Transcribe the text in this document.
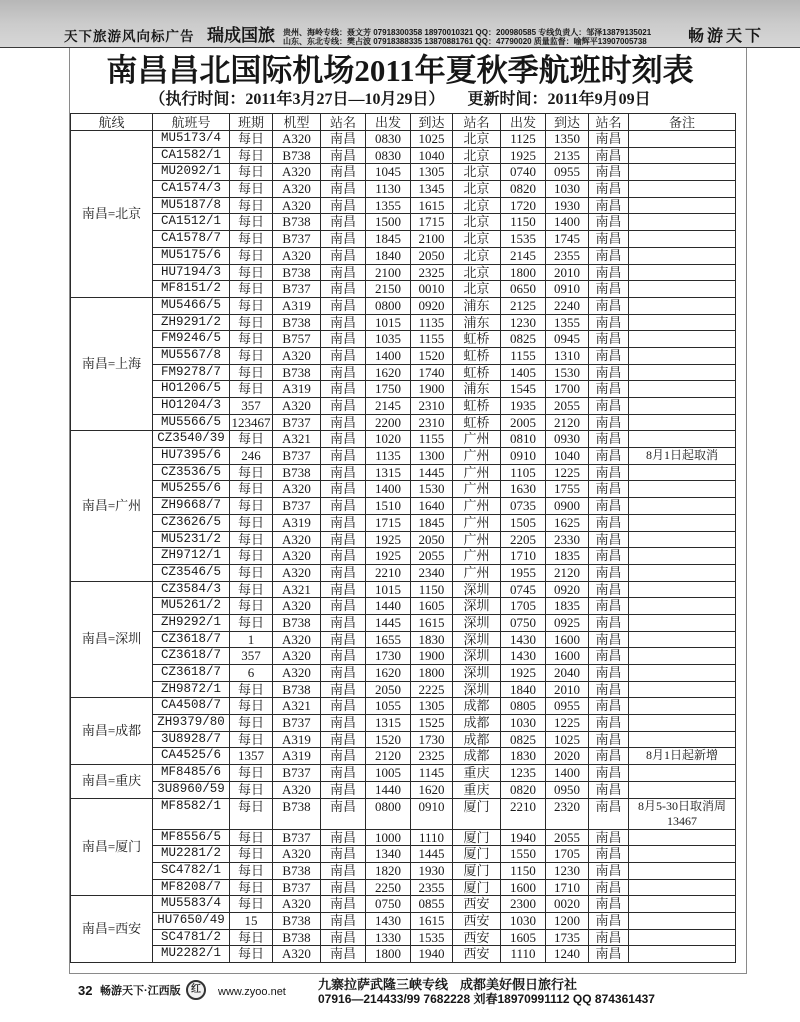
天下旅游风向标广告 瑞成国旅 贵州、海岭专线：聂文芳 07918300358 18970010321 QQ：200980585 专线负责人：邹泽13879135021
山东、东北专线：樊占波 07918388335 13870881761 QQ：47790020 质量监督：喻辉平13907005738	畅游天下
南昌昌北国际机场2011年夏秋季航班时刻表
（执行时间：2011年3月27日—10月29日） 更新时间：2011年9月09日
航线	航班号	班期	机型	站名	出发	到达	站名	出发	到达	站名	备注
南昌=北京	MU5173/4	每日	A320	南昌	0830	1025	北京	1125	1350	南昌	
	CA1582/1	每日	B738	南昌	0830	1040	北京	1925	2135	南昌	
	MU2092/1	每日	A320	南昌	1045	1305	北京	0740	0955	南昌	
	CA1574/3	每日	A320	南昌	1130	1345	北京	0820	1030	南昌	
	MU5187/8	每日	A320	南昌	1355	1615	北京	1720	1930	南昌	
	CA1512/1	每日	B738	南昌	1500	1715	北京	1150	1400	南昌	
	CA1578/7	每日	B737	南昌	1845	2100	北京	1535	1745	南昌	
	MU5175/6	每日	A320	南昌	1840	2050	北京	2145	2355	南昌	
	HU7194/3	每日	B738	南昌	2100	2325	北京	1800	2010	南昌	
	MF8151/2	每日	B737	南昌	2150	0010	北京	0650	0910	南昌	
南昌=上海	MU5466/5	每日	A319	南昌	0800	0920	浦东	2125	2240	南昌	
	ZH9291/2	每日	B738	南昌	1015	1135	浦东	1230	1355	南昌	
	FM9246/5	每日	B757	南昌	1035	1155	虹桥	0825	0945	南昌	
	MU5567/8	每日	A320	南昌	1400	1520	虹桥	1155	1310	南昌	
	FM9278/7	每日	B738	南昌	1620	1740	虹桥	1405	1530	南昌	
	HO1206/5	每日	A319	南昌	1750	1900	浦东	1545	1700	南昌	
	HO1204/3	357	A320	南昌	2145	2310	虹桥	1935	2055	南昌	
	MU5566/5	123467	B737	南昌	2200	2310	虹桥	2005	2120	南昌	
南昌=广州	CZ3540/39	每日	A321	南昌	1020	1155	广州	0810	0930	南昌	
	HU7395/6	246	B737	南昌	1135	1300	广州	0910	1040	南昌	8月1日起取消
	CZ3536/5	每日	B738	南昌	1315	1445	广州	1105	1225	南昌	
	MU5255/6	每日	A320	南昌	1400	1530	广州	1630	1755	南昌	
	ZH9668/7	每日	B737	南昌	1510	1640	广州	0735	0900	南昌	
	CZ3626/5	每日	A319	南昌	1715	1845	广州	1505	1625	南昌	
	MU5231/2	每日	A320	南昌	1925	2050	广州	2205	2330	南昌	
	ZH9712/1	每日	A320	南昌	1925	2055	广州	1710	1835	南昌	
	CZ3546/5	每日	A320	南昌	2210	2340	广州	1955	2120	南昌	
南昌=深圳	CZ3584/3	每日	A321	南昌	1015	1150	深圳	0745	0920	南昌	
	MU5261/2	每日	A320	南昌	1440	1605	深圳	1705	1835	南昌	
	ZH9292/1	每日	B738	南昌	1445	1615	深圳	0750	0925	南昌	
	CZ3618/7	1	A320	南昌	1655	1830	深圳	1430	1600	南昌	
	CZ3618/7	357	A320	南昌	1730	1900	深圳	1430	1600	南昌	
	CZ3618/7	6	A320	南昌	1620	1800	深圳	1925	2040	南昌	
	ZH9872/1	每日	B738	南昌	2050	2225	深圳	1840	2010	南昌	
南昌=成都	CA4508/7	每日	A321	南昌	1055	1305	成都	0805	0955	南昌	
	ZH9379/80	每日	B737	南昌	1315	1525	成都	1030	1225	南昌	
	3U8928/7	每日	A319	南昌	1520	1730	成都	0825	1025	南昌	
	CA4525/6	1357	A319	南昌	2120	2325	成都	1830	2020	南昌	8月1日起新增
南昌=重庆	MF8485/6	每日	B737	南昌	1005	1145	重庆	1235	1400	南昌	
	3U8960/59	每日	A320	南昌	1440	1620	重庆	0820	0950	南昌	
南昌=厦门	MF8582/1	每日	B738	南昌	0800	0910	厦门	2210	2320	南昌	8月5-30日取消周
13467
	MF8556/5	每日	B737	南昌	1000	1110	厦门	1940	2055	南昌	
	MU2281/2	每日	A320	南昌	1340	1445	厦门	1550	1705	南昌	
	SC4782/1	每日	B738	南昌	1820	1930	厦门	1150	1230	南昌	
	MF8208/7	每日	B737	南昌	2250	2355	厦门	1600	1710	南昌	
南昌=西安	MU5583/4	每日	A320	南昌	0750	0855	西安	2300	0020	南昌	
	HU7650/49	15	B738	南昌	1430	1615	西安	1030	1200	南昌	
	SC4781/2	每日	B738	南昌	1330	1535	西安	1605	1735	南昌	
	MU2282/1	每日	A320	南昌	1800	1940	西安	1110	1240	南昌	
32 畅游天下·江西版	红	www.zyoo.net 九寨拉萨武隆三峡专线 成都美好假日旅行社
07916—214433/99 7682228 刘春18970991112 QQ 874361437
